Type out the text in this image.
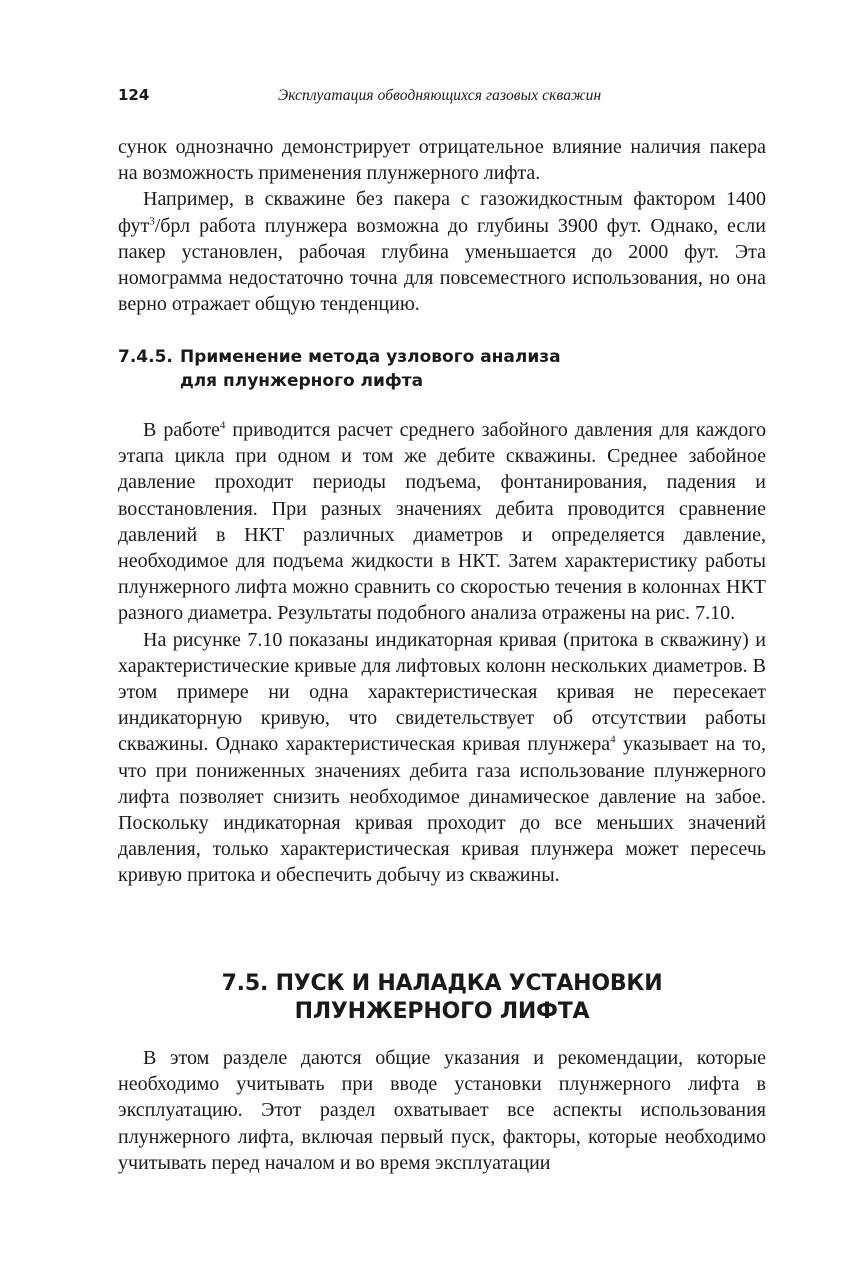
124	Эксплуатация обводняющихся газовых скважин

сунок однозначно демонстрирует отрицательное влияние наличия пакера на возможность применения плунжерного лифта.

Например, в скважине без пакера с газожидкостным фактором 1400 фут$^3$/брл работа плунжера возможна до глубины 3900 фут. Однако, если пакер установлен, рабочая глубина уменьшается до 2000 фут. Эта номограмма недостаточно точна для повсеместного использования, но она верно отражает общую тенденцию.

7.4.5. Применение метода узлового анализа
для плунжерного лифта

В работе$^4$ приводится расчет среднего забойного давления для каждого этапа цикла при одном и том же дебите скважины. Среднее забойное давление проходит периоды подъема, фонтанирования, падения и восстановления. При разных значениях дебита проводится сравнение давлений в НКТ различных диаметров и определяется давление, необходимое для подъема жидкости в НКТ. Затем характеристику работы плунжерного лифта можно сравнить со скоростью течения в колоннах НКТ разного диаметра. Результаты подобного анализа отражены на рис. 7.10.

На рисунке 7.10 показаны индикаторная кривая (притока в скважину) и характеристические кривые для лифтовых колонн нескольких диаметров. В этом примере ни одна характеристическая кривая не пересекает индикаторную кривую, что свидетельствует об отсутствии работы скважины. Однако характеристическая кривая плунжера$^4$ указывает на то, что при пониженных значениях дебита газа использование плунжерного лифта позволяет снизить необходимое динамическое давление на забое. Поскольку индикаторная кривая проходит до все меньших значений давления, только характеристическая кривая плунжера может пересечь кривую притока и обеспечить добычу из скважины.

7.5. ПУСК И НАЛАДКА УСТАНОВКИ
ПЛУНЖЕРНОГО ЛИФТА

В этом разделе даются общие указания и рекомендации, которые необходимо учитывать при вводе установки плунжерного лифта в эксплуатацию. Этот раздел охватывает все аспекты использования плунжерного лифта, включая первый пуск, факторы, которые необходимо учитывать перед началом и во время эксплуатации
